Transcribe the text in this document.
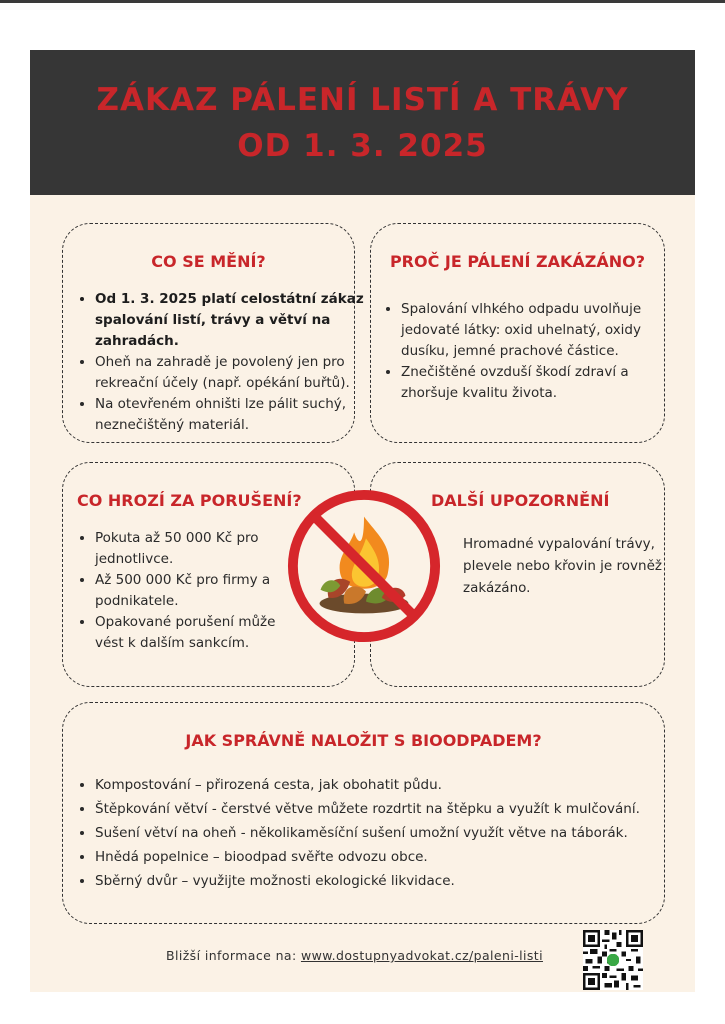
ZÁKAZ PÁLENÍ LISTÍ A TRÁVY
OD 1. 3. 2025
CO SE MĚNÍ?
• Od 1. 3. 2025 platí celostátní zákaz spalování listí, trávy a větví na zahradách.
• Oheň na zahradě je povolený jen pro rekreační účely (např. opékání buřtů).
• Na otevřeném ohništi lze pálit suchý, neznečištěný materiál.
PROČ JE PÁLENÍ ZAKÁZÁNO?
• Spalování vlhkého odpadu uvolňuje jedovaté látky: oxid uhelnatý, oxidy dusíku, jemné prachové částice.
• Znečištěné ovzduší škodí zdraví a zhoršuje kvalitu života.
CO HROZÍ ZA PORUŠENÍ?
• Pokuta až 50 000 Kč pro jednotlivce.
• Až 500 000 Kč pro firmy a podnikatele.
• Opakované porušení může vést k dalším sankcím.
DALŠÍ UPOZORNĚNÍ
Hromadné vypalování trávy, plevele nebo křovin je rovněž zakázáno.
JAK SPRÁVNĚ NALOŽIT S BIOODPADEM?
• Kompostování – přirozená cesta, jak obohatit půdu.
• Štěpkování větví - čerstvé větve můžete rozdrtit na štěpku a využít k mulčování.
• Sušení větví na oheň - několikaměsíční sušení umožní využít větve na táborák.
• Hnědá popelnice – bioodpad svěřte odvozu obce.
• Sběrný dvůr – využijte možnosti ekologické likvidace.
Bližší informace na: www.dostupnyadvokat.cz/paleni-listi
